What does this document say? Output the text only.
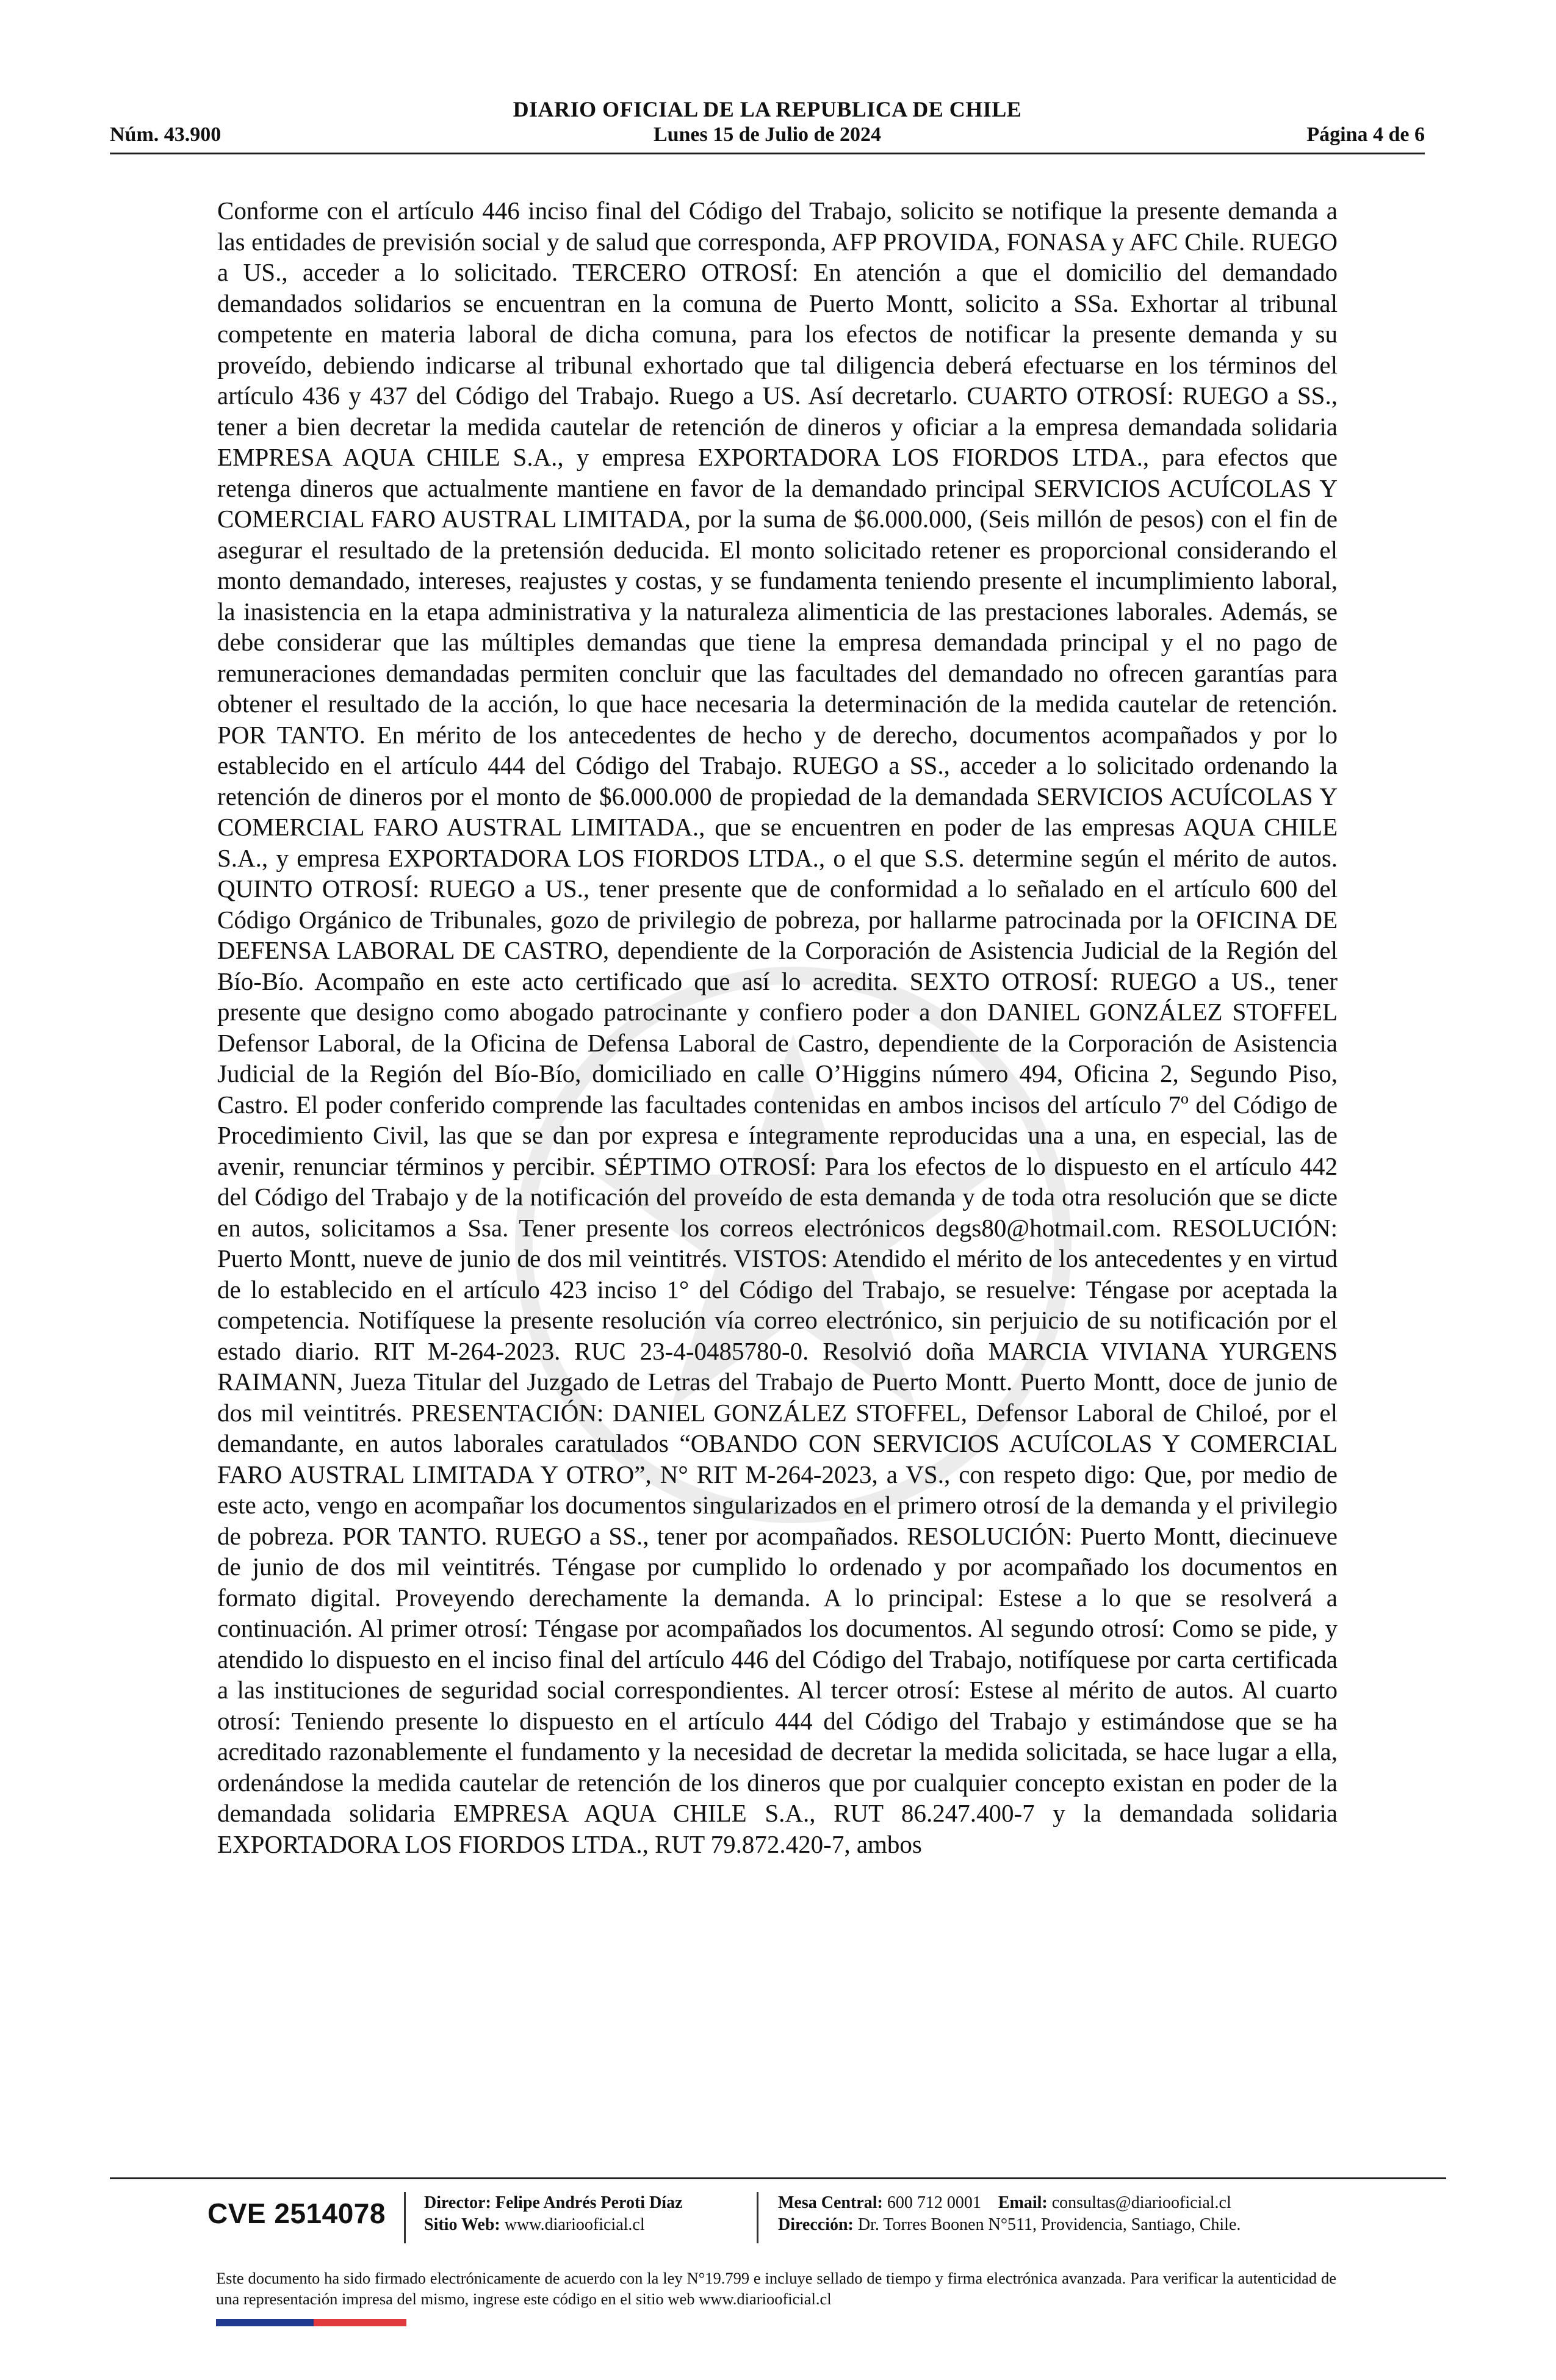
DIARIO OFICIAL DE LA REPUBLICA DE CHILE
Núm. 43.900	Lunes 15 de Julio de 2024	Página 4 de 6

Conforme con el artículo 446 inciso final del Código del Trabajo, solicito se notifique la presente demanda a las entidades de previsión social y de salud que corresponda, AFP PROVIDA, FONASA y AFC Chile. RUEGO a US., acceder a lo solicitado. TERCERO OTROSÍ: En atención a que el domicilio del demandado demandados solidarios se encuentran en la comuna de Puerto Montt, solicito a SSa. Exhortar al tribunal competente en materia laboral de dicha comuna, para los efectos de notificar la presente demanda y su proveído, debiendo indicarse al tribunal exhortado que tal diligencia deberá efectuarse en los términos del artículo 436 y 437 del Código del Trabajo. Ruego a US. Así decretarlo. CUARTO OTROSÍ: RUEGO a SS., tener a bien decretar la medida cautelar de retención de dineros y oficiar a la empresa demandada solidaria EMPRESA AQUA CHILE S.A., y empresa EXPORTADORA LOS FIORDOS LTDA., para efectos que retenga dineros que actualmente mantiene en favor de la demandado principal SERVICIOS ACUÍCOLAS Y COMERCIAL FARO AUSTRAL LIMITADA, por la suma de $6.000.000, (Seis millón de pesos) con el fin de asegurar el resultado de la pretensión deducida. El monto solicitado retener es proporcional considerando el monto demandado, intereses, reajustes y costas, y se fundamenta teniendo presente el incumplimiento laboral, la inasistencia en la etapa administrativa y la naturaleza alimenticia de las prestaciones laborales. Además, se debe considerar que las múltiples demandas que tiene la empresa demandada principal y el no pago de remuneraciones demandadas permiten concluir que las facultades del demandado no ofrecen garantías para obtener el resultado de la acción, lo que hace necesaria la determinación de la medida cautelar de retención. POR TANTO. En mérito de los antecedentes de hecho y de derecho, documentos acompañados y por lo establecido en el artículo 444 del Código del Trabajo. RUEGO a SS., acceder a lo solicitado ordenando la retención de dineros por el monto de $6.000.000 de propiedad de la demandada SERVICIOS ACUÍCOLAS Y COMERCIAL FARO AUSTRAL LIMITADA., que se encuentren en poder de las empresas AQUA CHILE S.A., y empresa EXPORTADORA LOS FIORDOS LTDA., o el que S.S. determine según el mérito de autos. QUINTO OTROSÍ: RUEGO a US., tener presente que de conformidad a lo señalado en el artículo 600 del Código Orgánico de Tribunales, gozo de privilegio de pobreza, por hallarme patrocinada por la OFICINA DE DEFENSA LABORAL DE CASTRO, dependiente de la Corporación de Asistencia Judicial de la Región del Bío-Bío. Acompaño en este acto certificado que así lo acredita. SEXTO OTROSÍ: RUEGO a US., tener presente que designo como abogado patrocinante y confiero poder a don DANIEL GONZÁLEZ STOFFEL Defensor Laboral, de la Oficina de Defensa Laboral de Castro, dependiente de la Corporación de Asistencia Judicial de la Región del Bío-Bío, domiciliado en calle O’Higgins número 494, Oficina 2, Segundo Piso, Castro. El poder conferido comprende las facultades contenidas en ambos incisos del artículo 7º del Código de Procedimiento Civil, las que se dan por expresa e íntegramente reproducidas una a una, en especial, las de avenir, renunciar términos y percibir. SÉPTIMO OTROSÍ: Para los efectos de lo dispuesto en el artículo 442 del Código del Trabajo y de la notificación del proveído de esta demanda y de toda otra resolución que se dicte en autos, solicitamos a Ssa. Tener presente los correos electrónicos degs80@hotmail.com. RESOLUCIÓN: Puerto Montt, nueve de junio de dos mil veintitrés. VISTOS: Atendido el mérito de los antecedentes y en virtud de lo establecido en el artículo 423 inciso 1° del Código del Trabajo, se resuelve: Téngase por aceptada la competencia. Notifíquese la presente resolución vía correo electrónico, sin perjuicio de su notificación por el estado diario. RIT M-264-2023. RUC 23-4-0485780-0. Resolvió doña MARCIA VIVIANA YURGENS RAIMANN, Jueza Titular del Juzgado de Letras del Trabajo de Puerto Montt. Puerto Montt, doce de junio de dos mil veintitrés. PRESENTACIÓN: DANIEL GONZÁLEZ STOFFEL, Defensor Laboral de Chiloé, por el demandante, en autos laborales caratulados “OBANDO CON SERVICIOS ACUÍCOLAS Y COMERCIAL FARO AUSTRAL LIMITADA Y OTRO”, N° RIT M-264-2023, a VS., con respeto digo: Que, por medio de este acto, vengo en acompañar los documentos singularizados en el primero otrosí de la demanda y el privilegio de pobreza. POR TANTO. RUEGO a SS., tener por acompañados. RESOLUCIÓN: Puerto Montt, diecinueve de junio de dos mil veintitrés. Téngase por cumplido lo ordenado y por acompañado los documentos en formato digital. Proveyendo derechamente la demanda. A lo principal: Estese a lo que se resolverá a continuación. Al primer otrosí: Téngase por acompañados los documentos. Al segundo otrosí: Como se pide, y atendido lo dispuesto en el inciso final del artículo 446 del Código del Trabajo, notifíquese por carta certificada a las instituciones de seguridad social correspondientes. Al tercer otrosí: Estese al mérito de autos. Al cuarto otrosí: Teniendo presente lo dispuesto en el artículo 444 del Código del Trabajo y estimándose que se ha acreditado razonablemente el fundamento y la necesidad de decretar la medida solicitada, se hace lugar a ella, ordenándose la medida cautelar de retención de los dineros que por cualquier concepto existan en poder de la demandada solidaria EMPRESA AQUA CHILE S.A., RUT 86.247.400-7 y la demandada solidaria EXPORTADORA LOS FIORDOS LTDA., RUT 79.872.420-7, ambos

CVE 2514078 Director: Felipe Andrés Peroti Díaz
Sitio Web: www.diariooficial.cl
Mesa Central: 600 712 0001 Email: consultas@diariooficial.cl
Dirección: Dr. Torres Boonen N°511, Providencia, Santiago, Chile.
Este documento ha sido firmado electrónicamente de acuerdo con la ley N°19.799 e incluye sellado de tiempo y firma electrónica avanzada. Para verificar la autenticidad de una representación impresa del mismo, ingrese este código en el sitio web www.diariooficial.cl
